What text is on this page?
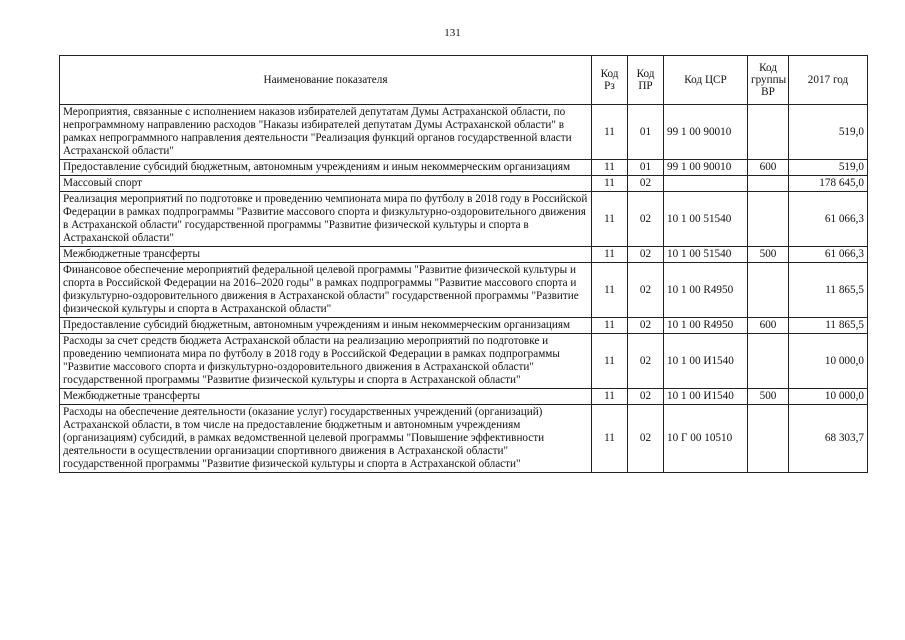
131
Наименование показателя	Код Рз	Код ПР	Код ЦСР	Код группы ВР	2017 год
Мероприятия, связанные с исполнением наказов избирателей депутатам Думы Астраханской области, по непрограммному направлению расходов "Наказы избирателей депутатам Думы Астраханской области" в рамках непрограммного направления деятельности "Реализация функций органов государственной власти Астраханской области"	11	01	99 1 00 90010		519,0
Предоставление субсидий бюджетным, автономным учреждениям и иным некоммерческим организациям	11	01	99 1 00 90010	600	519,0
Массовый спорт	11	02			178 645,0
Реализация мероприятий по подготовке и проведению чемпионата мира по футболу в 2018 году в Российской Федерации в рамках подпрограммы "Развитие массового спорта и физкультурно-оздоровительного движения в Астраханской области" государственной программы "Развитие физической культуры и спорта в Астраханской области"	11	02	10 1 00 51540		61 066,3
Межбюджетные трансферты	11	02	10 1 00 51540	500	61 066,3
Финансовое обеспечение мероприятий федеральной целевой программы "Развитие физической культуры и спорта в Российской Федерации на 2016–2020 годы" в рамках подпрограммы "Развитие массового спорта и физкультурно-оздоровительного движения в Астраханской области" государственной программы "Развитие физической культуры и спорта в Астраханской области"	11	02	10 1 00 R4950		11 865,5
Предоставление субсидий бюджетным, автономным учреждениям и иным некоммерческим организациям	11	02	10 1 00 R4950	600	11 865,5
Расходы за счет средств бюджета Астраханской области на реализацию мероприятий по подготовке и проведению чемпионата мира по футболу в 2018 году в Российской Федерации в рамках подпрограммы "Развитие массового спорта и физкультурно-оздоровительного движения в Астраханской области" государственной программы "Развитие физической культуры и спорта в Астраханской области"	11	02	10 1 00 И1540		10 000,0
Межбюджетные трансферты	11	02	10 1 00 И1540	500	10 000,0
Расходы на обеспечение деятельности (оказание услуг) государственных учреждений (организаций) Астраханской области, в том числе на предоставление бюджетным и автономным учреждениям (организациям) субсидий, в рамках ведомственной целевой программы "Повышение эффективности деятельности в осуществлении организации спортивного движения в Астраханской области" государственной программы "Развитие физической культуры и спорта в Астраханской области"	11	02	10 Г 00 10510		68 303,7
